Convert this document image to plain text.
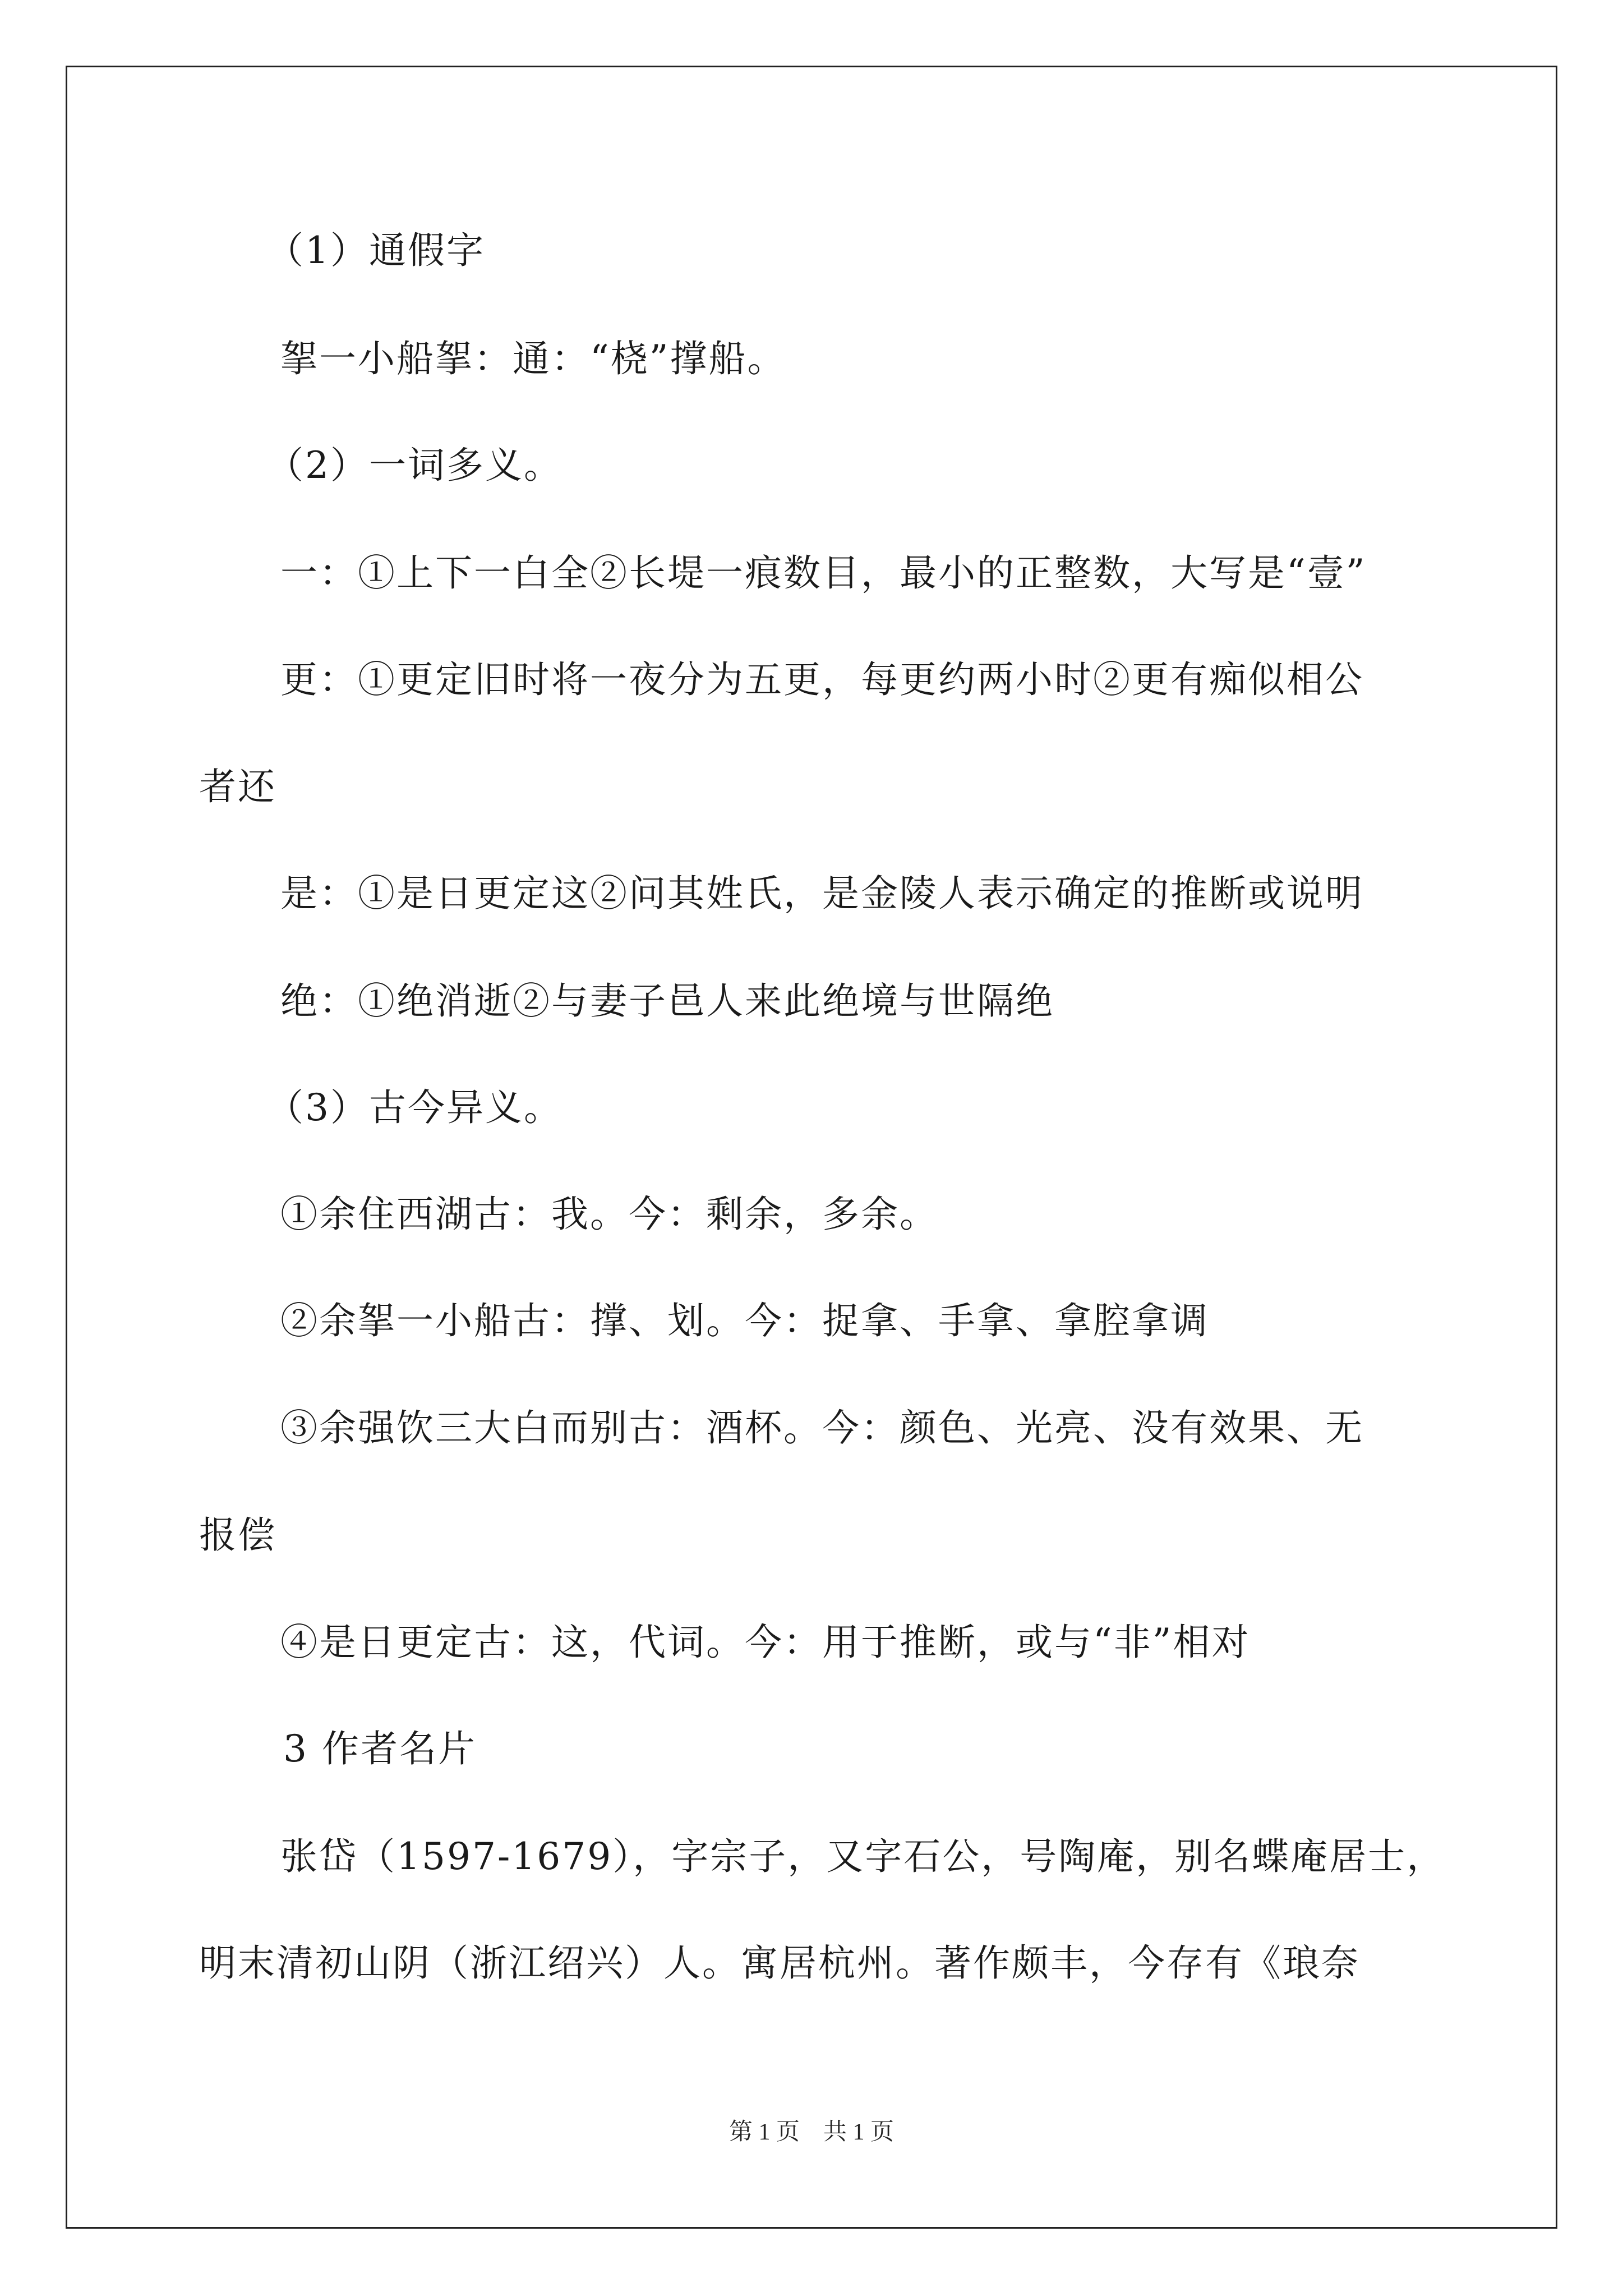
（1）通假字
挐一小船挐：通：“桡”撑船。
（2）一词多义。
一：①上下一白全②长堤一痕数目，最小的正整数，大写是“壹”
更：①更定旧时将一夜分为五更，每更约两小时②更有痴似相公
者还
是：①是日更定这②问其姓氏，是金陵人表示确定的推断或说明
绝：①绝消逝②与妻子邑人来此绝境与世隔绝
（3）古今异义。
①余住西湖古：我。今：剩余，多余。
②余挐一小船古：撑、划。今：捉拿、手拿、拿腔拿调
③余强饮三大白而别古：酒杯。今：颜色、光亮、没有效果、无
报偿
④是日更定古：这，代词。今：用于推断，或与“非”相对
3 作者名片
张岱（1597-1679），字宗子，又字石公，号陶庵，别名蝶庵居士，
明末清初山阴（浙江绍兴）人。寓居杭州。著作颇丰，今存有《琅奈
第 1 页　共 1 页
